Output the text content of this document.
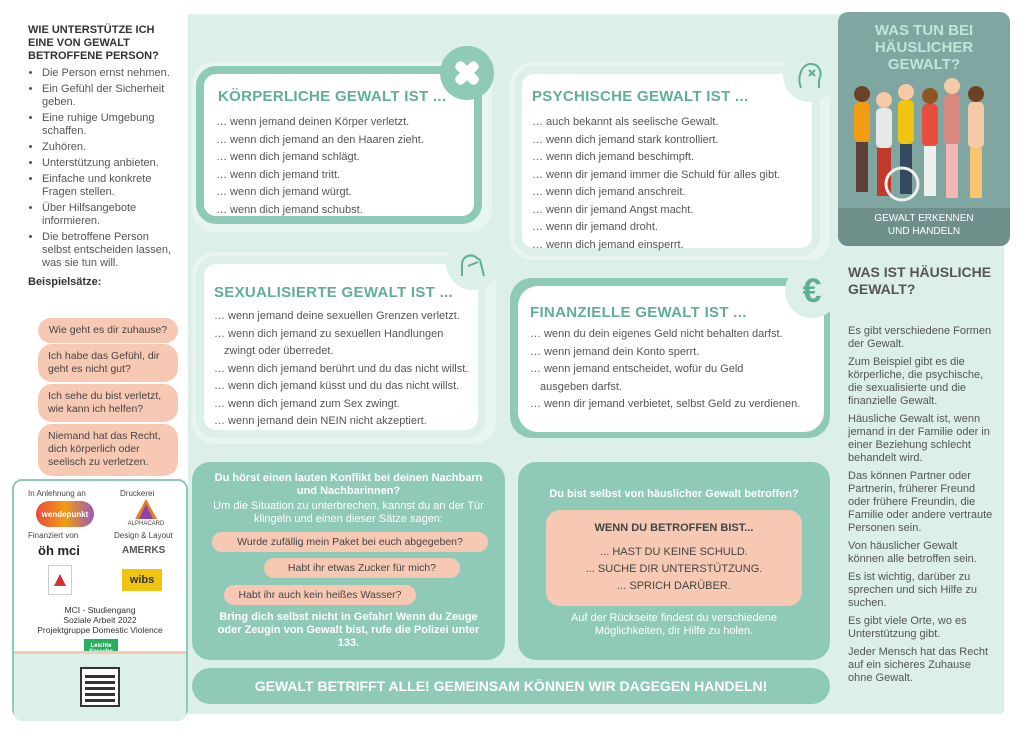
WIE UNTERSTÜTZE ICH EINE VON GEWALT BETROFFENE PERSON?
• Die Person ernst nehmen.
• Ein Gefühl der Sicherheit geben.
• Eine ruhige Umgebung schaffen.
• Zuhören.
• Unterstützung anbieten.
• Einfache und konkrete Fragen stellen.
• Über Hilfsangebote informieren.
• Die betroffene Person selbst entscheiden lassen, was sie tun will.
Beispielsätze:
Wie geht es dir zuhause?
Ich habe das Gefühl, dir geht es nicht gut?
Ich sehe du bist verletzt, wie kann ich helfen?
Niemand hat das Recht, dich körperlich oder seelisch zu verletzen.
In Anlehnung an	Druckerei
wendepunkt
ALPHACARD
Finanziert von	Design & Layout
öh mci	AMERKS
wibs
MCI - Studiengang
Soziale Arbeit 2022
Projektgruppe Domestic Violence
Leichte
KÖRPERLICHE GEWALT IST ...
… wenn jemand deinen Körper verletzt.
… wenn dich jemand an den Haaren zieht.
… wenn dich jemand schlägt.
… wenn dich jemand tritt.
… wenn dich jemand würgt.
… wenn dich jemand schubst.
PSYCHISCHE GEWALT IST ...
… auch bekannt als seelische Gewalt.
… wenn dich jemand stark kontrolliert.
… wenn dich jemand beschimpft.
… wenn dir jemand immer die Schuld für alles gibt.
… wenn dich jemand anschreit.
… wenn dir jemand Angst macht.
… wenn dir jemand droht.
… wenn dich jemand einsperrt.
SEXUALISIERTE GEWALT IST ...
… wenn jemand deine sexuellen Grenzen verletzt.
… wenn dich jemand zu sexuellen Handlungen
zwingt oder überredet.
… wenn dich jemand berührt und du das nicht willst.
… wenn dich jemand küsst und du das nicht willst.
… wenn dich jemand zum Sex zwingt.
… wenn jemand dein NEIN nicht akzeptiert.
FINANZIELLE GEWALT IST ...
… wenn du dein eigenes Geld nicht behalten darfst.
… wenn jemand dein Konto sperrt.
… wenn jemand entscheidet, wofür du Geld
ausgeben darfst.
… wenn dir jemand verbietet, selbst Geld zu verdienen.
€
Du hörst einen lauten Konflikt bei deinen Nachbarn und Nachbarinnen?
Um die Situation zu unterbrechen, kannst du an der Tür klingeln und einen dieser Sätze sagen:
Bring dich selbst nicht in Gefahr! Wenn du Zeuge oder Zeugin von Gewalt bist, rufe die Polizei unter 133.
Wurde zufällig mein Paket bei euch abgegeben?
Habt ihr etwas Zucker für mich?
Habt ihr auch kein heißes Wasser?
Du bist selbst von häuslicher Gewalt betroffen?
WENN DU BETROFFEN BIST...
... HAST DU KEINE SCHULD.
... SUCHE DIR UNTERSTÜTZUNG.
... SPRICH DARÜBER.
Auf der Rückseite findest du verschiedene Möglichkeiten, dir Hilfe zu holen.
GEWALT BETRIFFT ALLE! GEMEINSAM KÖNNEN WIR DAGEGEN HANDELN!
WAS TUN BEI HÄUSLICHER GEWALT?
GEWALT ERKENNEN UND HANDELN
WAS IST HÄUSLICHE GEWALT?

Es gibt verschiedene Formen der Gewalt.

Zum Beispiel gibt es die körperliche, die psychische, die sexualisierte und die finanzielle Gewalt.

Häusliche Gewalt ist, wenn jemand in der Familie oder in einer Beziehung schlecht behandelt wird.

Das können Partner oder Partnerin, früherer Freund oder frühere Freundin, die Familie oder andere vertraute Personen sein.

Von häuslicher Gewalt können alle betroffen sein.

Es ist wichtig, darüber zu sprechen und sich Hilfe zu suchen.

Es gibt viele Orte, wo es Unterstützung gibt.

Jeder Mensch hat das Recht auf ein sicheres Zuhause ohne Gewalt.
